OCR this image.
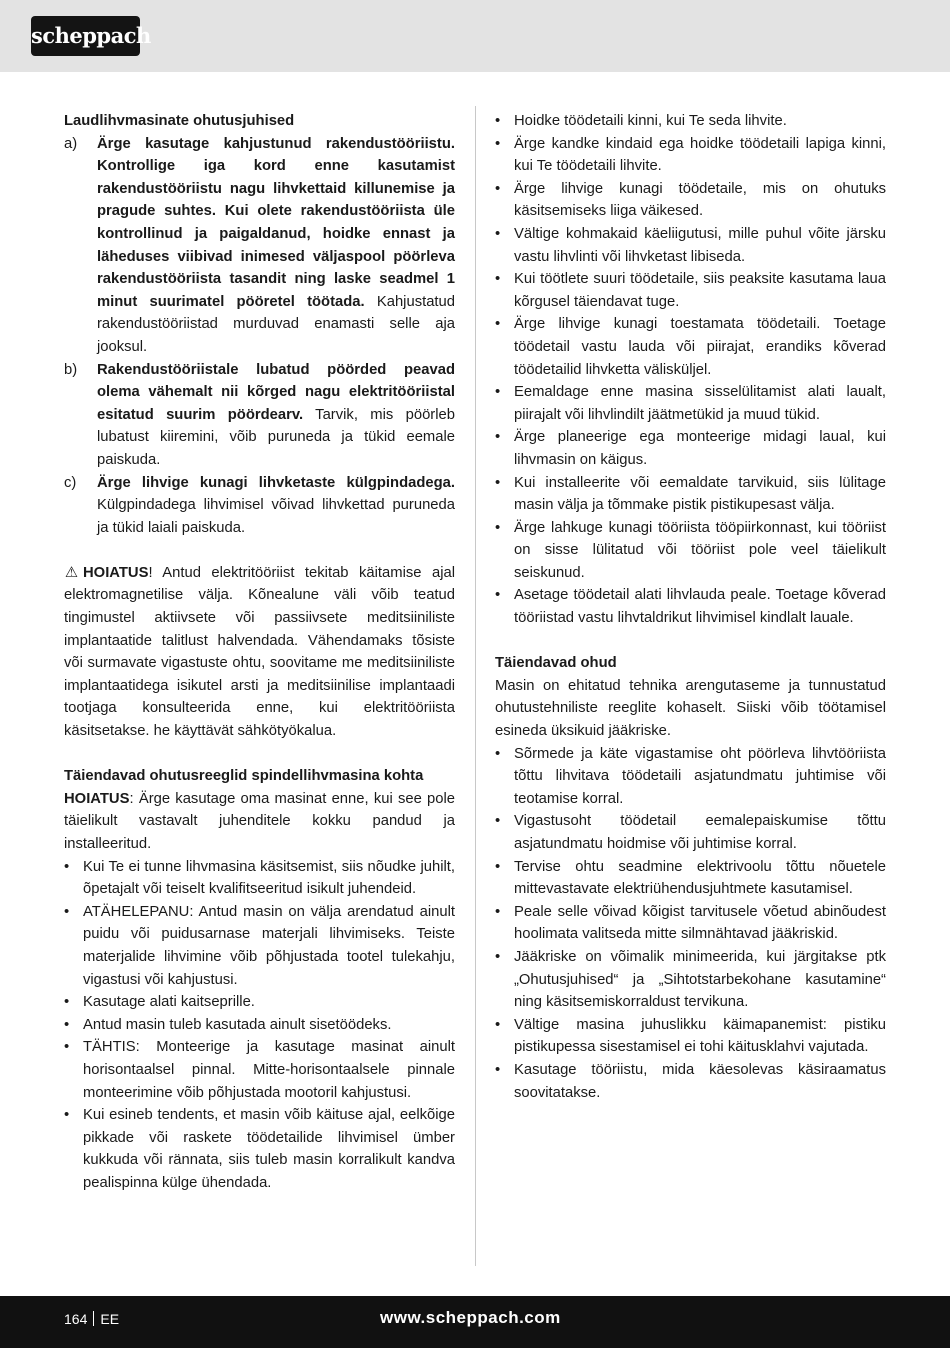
scheppach
Laudlihvmasinate ohutusjuhised
a)	Ärge kasutage kahjustunud rakendustööriistu. Kontrollige iga kord enne kasutamist rakendustööriistu nagu lihvkettaid killunemise ja pragude suhtes. Kui olete rakendustööriista üle kontrollinud ja paigaldanud, hoidke ennast ja läheduses viibivad inimesed väljaspool pöörleva rakendustööriista tasandit ning laske seadmel 1 minut suurimatel pööretel töötada. Kahjustatud rakendustööriistad murduvad enamasti selle aja jooksul.
b)	Rakendustööriistale lubatud pöörded peavad olema vähemalt nii kõrged nagu elektritööriistal esitatud suurim pöördearv. Tarvik, mis pöörleb lubatust kiiremini, võib puruneda ja tükid eemale paiskuda.
c)	Ärge lihvige kunagi lihvketaste külgpindadega. Külgpindadega lihvimisel võivad lihvkettad puruneda ja tükid laiali paiskuda.
⚠ HOIATUS! Antud elektritööriist tekitab käitamise ajal elektromagnetilise välja. Kõnealune väli võib teatud tingimustel aktiivsete või passiivsete meditsiiniliste implantaatide talitlust halvendada. Vähendamaks tõsiste või surmavate vigastuste ohtu, soovitame me meditsiiniliste implantaatidega isikutel arsti ja meditsiinilise implantaadi tootjaga konsulteerida enne, kui elektritööriista käsitsetakse. he käyttävät sähkötyökalua.
Täiendavad ohutusreeglid spindellihvmasina kohta
HOIATUS: Ärge kasutage oma masinat enne, kui see pole täielikult vastavalt juhenditele kokku pandud ja installeeritud.
• Kui Te ei tunne lihvmasina käsitsemist, siis nõudke juhilt, õpetajalt või teiselt kvalifitseeritud isikult juhendeid.
• ATÄHELEPANU: Antud masin on välja arendatud ainult puidu või puidusarnase materjali lihvimiseks. Teiste materjalide lihvimine võib põhjustada tootel tulekahju, vigastusi või kahjustusi.
• Kasutage alati kaitseprille.
• Antud masin tuleb kasutada ainult sisetöödeks.
• TÄHTIS: Monteerige ja kasutage masinat ainult horisontaalsel pinnal. Mitte-horisontaalsele pinnale monteerimine võib põhjustada mootoril kahjustusi.
• Kui esineb tendents, et masin võib käituse ajal, eelkõige pikkade või raskete töödetailide lihvimisel ümber kukkuda või rännata, siis tuleb masin korralikult kandva pealispinna külge ühendada.
• Hoidke töödetaili kinni, kui Te seda lihvite.
• Ärge kandke kindaid ega hoidke töödetaili lapiga kinni, kui Te töödetaili lihvite.
• Ärge lihvige kunagi töödetaile, mis on ohutuks käsitsemiseks liiga väikesed.
• Vältige kohmakaid käeliigutusi, mille puhul võite järsku vastu lihvlinti või lihvketast libiseda.
• Kui töötlete suuri töödetaile, siis peaksite kasutama laua kõrgusel täiendavat tuge.
• Ärge lihvige kunagi toestamata töödetaili. Toetage töödetail vastu lauda või piirajat, erandiks kõverad töödetailid lihvketta välisküljel.
• Eemaldage enne masina sisselülitamist alati laualt, piirajalt või lihvlindilt jäätmetükid ja muud tükid.
• Ärge planeerige ega monteerige midagi laual, kui lihvmasin on käigus.
• Kui installeerite või eemaldate tarvikuid, siis lülitage masin välja ja tõmmake pistik pistikupesast välja.
• Ärge lahkuge kunagi tööriista tööpiirkonnast, kui tööriist on sisse lülitatud või tööriist pole veel täielikult seiskunud.
• Asetage töödetail alati lihvlauda peale. Toetage kõverad tööriistad vastu lihvtaldrikut lihvimisel kindlalt lauale.
Täiendavad ohud
Masin on ehitatud tehnika arengutaseme ja tunnustatud ohutustehniliste reeglite kohaselt. Siiski võib töötamisel esineda üksikuid jääkriske.
• Sõrmede ja käte vigastamise oht pöörleva lihvtööriista tõttu lihvitava töödetaili asjatundmatu juhtimise või teotamise korral.
• Vigastusoht töödetail eemalepaiskumise tõttu asjatundmatu hoidmise või juhtimise korral.
• Tervise ohtu seadmine elektrivoolu tõttu nõuetele mittevastavate elektriühendusjuhtmete kasutamisel.
• Peale selle võivad kõigist tarvitusele võetud abinõudest hoolimata valitseda mitte silmnähtavad jääkriskid.
• Jääkriske on võimalik minimeerida, kui järgitakse ptk „Ohutusjuhised“ ja „Sihtotstarbekohane kasutamine“ ning käsitsemiskorraldust tervikuna.
• Vältige masina juhuslikku käimapanemist: pistiku pistikupessa sisestamisel ei tohi käitusklahvi vajutada.
• Kasutage tööriistu, mida käesolevas käsiraamatus soovitatakse.
164 EE	www.scheppach.com
